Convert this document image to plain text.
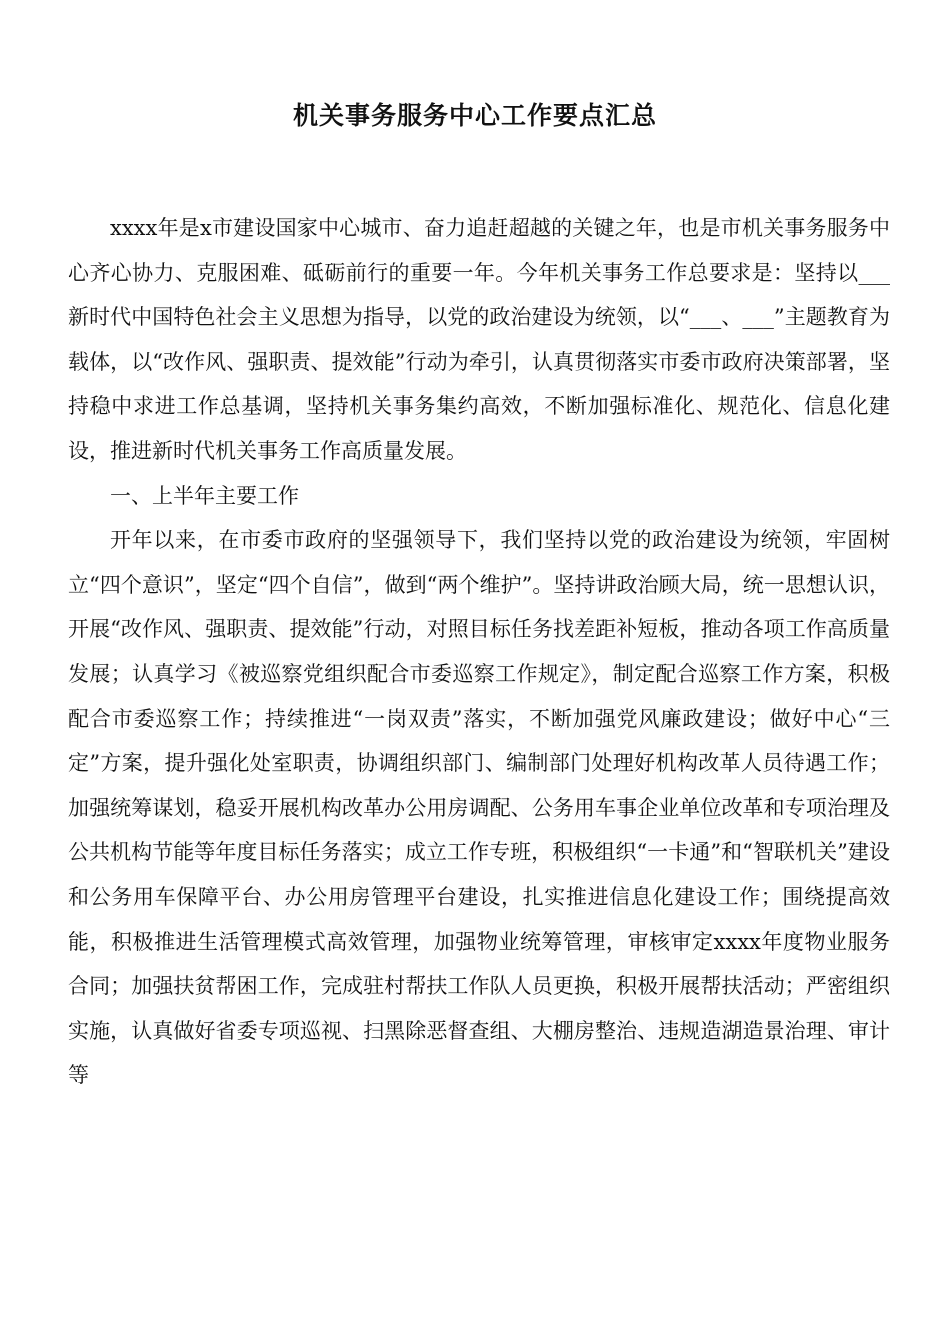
机关事务服务中心工作要点汇总

xxxx年是x市建设国家中心城市、奋力追赶超越的关键之年，也是市机关事务服务中心齐心协力、克服困难、砥砺前行的重要一年。今年机关事务工作总要求是：坚持以___新时代中国特色社会主义思想为指导，以党的政治建设为统领，以“___、___”主题教育为载体，以“改作风、强职责、提效能”行动为牵引，认真贯彻落实市委市政府决策部署，坚持稳中求进工作总基调，坚持机关事务集约高效，不断加强标准化、规范化、信息化建设，推进新时代机关事务工作高质量发展。

一、上半年主要工作

开年以来，在市委市政府的坚强领导下，我们坚持以党的政治建设为统领，牢固树立“四个意识”，坚定“四个自信”，做到“两个维护”。坚持讲政治顾大局，统一思想认识，开展“改作风、强职责、提效能”行动，对照目标任务找差距补短板，推动各项工作高质量发展；认真学习《被巡察党组织配合市委巡察工作规定》，制定配合巡察工作方案，积极配合市委巡察工作；持续推进“一岗双责”落实，不断加强党风廉政建设；做好中心“三定”方案，提升强化处室职责，协调组织部门、编制部门处理好机构改革人员待遇工作；加强统筹谋划，稳妥开展机构改革办公用房调配、公务用车事企业单位改革和专项治理及公共机构节能等年度目标任务落实；成立工作专班，积极组织“一卡通”和“智联机关”建设和公务用车保障平台、办公用房管理平台建设，扎实推进信息化建设工作；围绕提高效能，积极推进生活管理模式高效管理，加强物业统筹管理，审核审定xxxx年度物业服务合同；加强扶贫帮困工作，完成驻村帮扶工作队人员更换，积极开展帮扶活动；严密组织实施，认真做好省委专项巡视、扫黑除恶督查组、大棚房整治、违规造湖造景治理、审计等
